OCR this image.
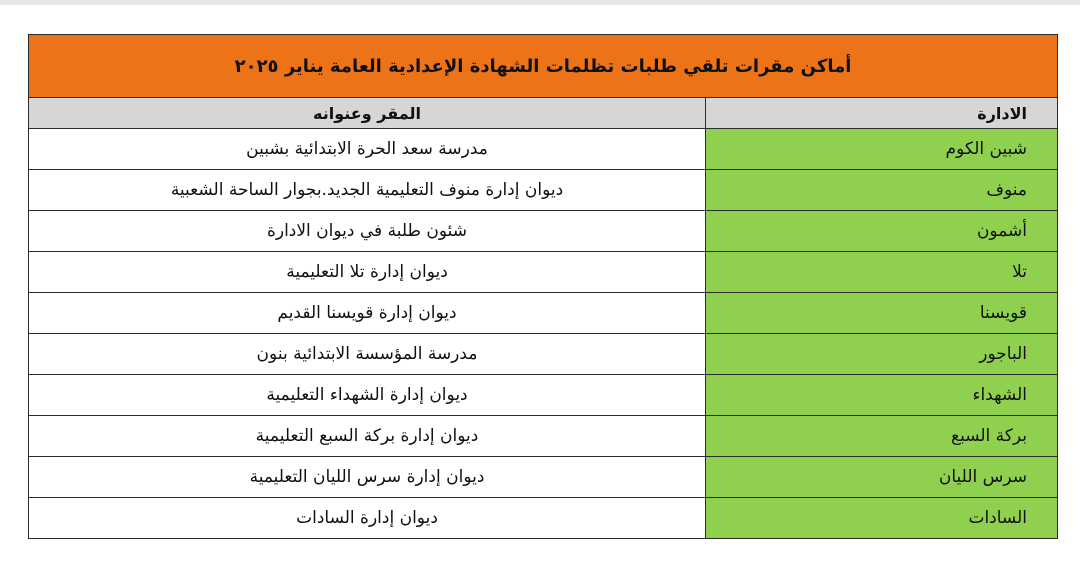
أماكن مقرات تلقي طلبات تظلمات الشهادة الإعدادية العامة يناير ٢٠٢٥	
الادارة	المقر وعنوانه
شبين الكوم	مدرسة سعد الحرة الابتدائية بشبين
منوف	ديوان إدارة منوف التعليمية الجديد.بجوار الساحة الشعبية
أشمون	شئون طلبة في ديوان الادارة
تلا	ديوان إدارة تلا التعليمية
قويسنا	ديوان إدارة قويسنا القديم
الباجور	مدرسة المؤسسة الابتدائية بنون
الشهداء	ديوان إدارة الشهداء التعليمية
بركة السبع	ديوان إدارة بركة السبع التعليمية
سرس الليان	ديوان إدارة سرس الليان التعليمية
السادات	ديوان إدارة السادات
